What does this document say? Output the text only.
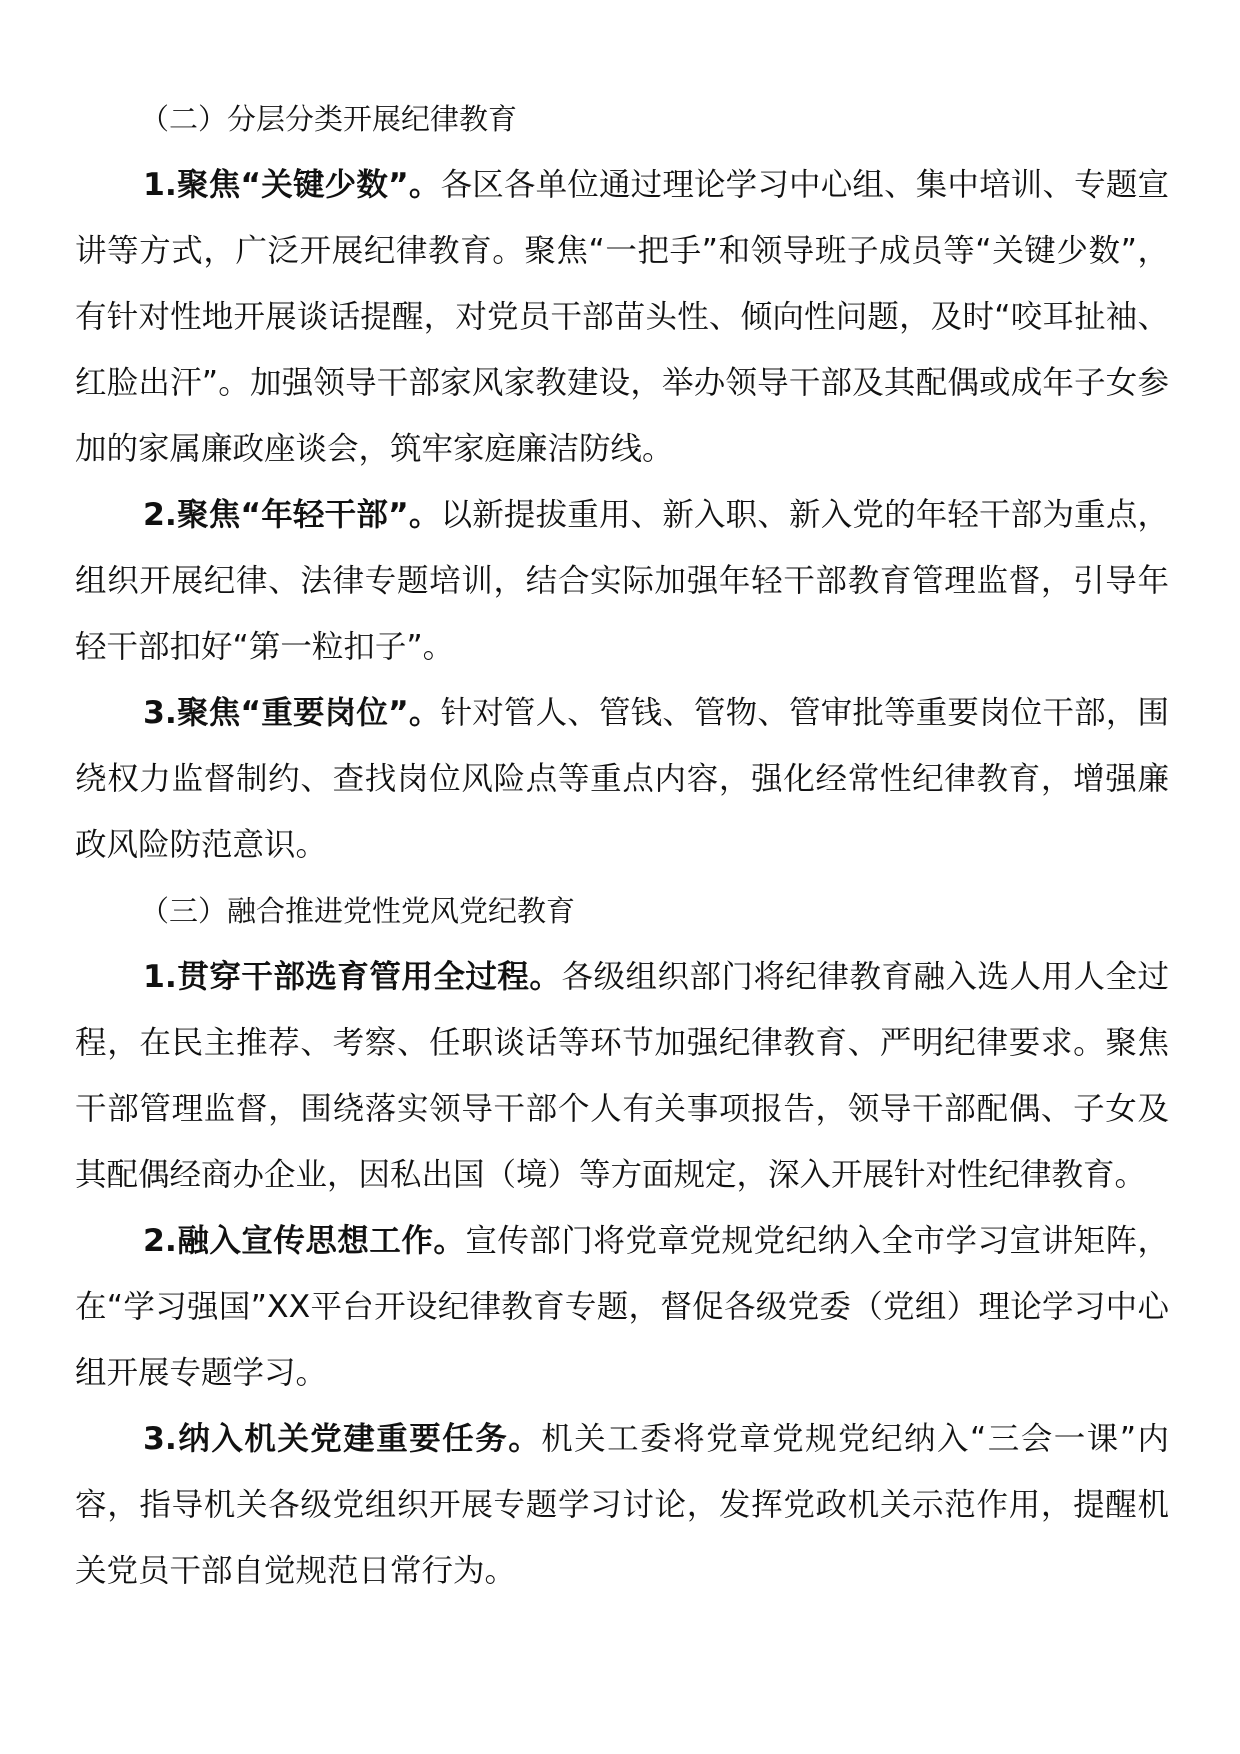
（二）分层分类开展纪律教育

1.聚焦“关键少数”。各区各单位通过理论学习中心组、集中培训、专题宣讲等方式，广泛开展纪律教育。聚焦“一把手”和领导班子成员等“关键少数”，有针对性地开展谈话提醒，对党员干部苗头性、倾向性问题，及时“咬耳扯袖、红脸出汗”。加强领导干部家风家教建设，举办领导干部及其配偶或成年子女参加的家属廉政座谈会，筑牢家庭廉洁防线。

2.聚焦“年轻干部”。以新提拔重用、新入职、新入党的年轻干部为重点，组织开展纪律、法律专题培训，结合实际加强年轻干部教育管理监督，引导年轻干部扣好“第一粒扣子”。

3.聚焦“重要岗位”。针对管人、管钱、管物、管审批等重要岗位干部，围绕权力监督制约、查找岗位风险点等重点内容，强化经常性纪律教育，增强廉政风险防范意识。

（三）融合推进党性党风党纪教育

1.贯穿干部选育管用全过程。各级组织部门将纪律教育融入选人用人全过程，在民主推荐、考察、任职谈话等环节加强纪律教育、严明纪律要求。聚焦干部管理监督，围绕落实领导干部个人有关事项报告，领导干部配偶、子女及其配偶经商办企业，因私出国（境）等方面规定，深入开展针对性纪律教育。

2.融入宣传思想工作。宣传部门将党章党规党纪纳入全市学习宣讲矩阵，在“学习强国”XX平台开设纪律教育专题，督促各级党委（党组）理论学习中心组开展专题学习。

3.纳入机关党建重要任务。机关工委将党章党规党纪纳入“三会一课”内容，指导机关各级党组织开展专题学习讨论，发挥党政机关示范作用，提醒机关党员干部自觉规范日常行为。
